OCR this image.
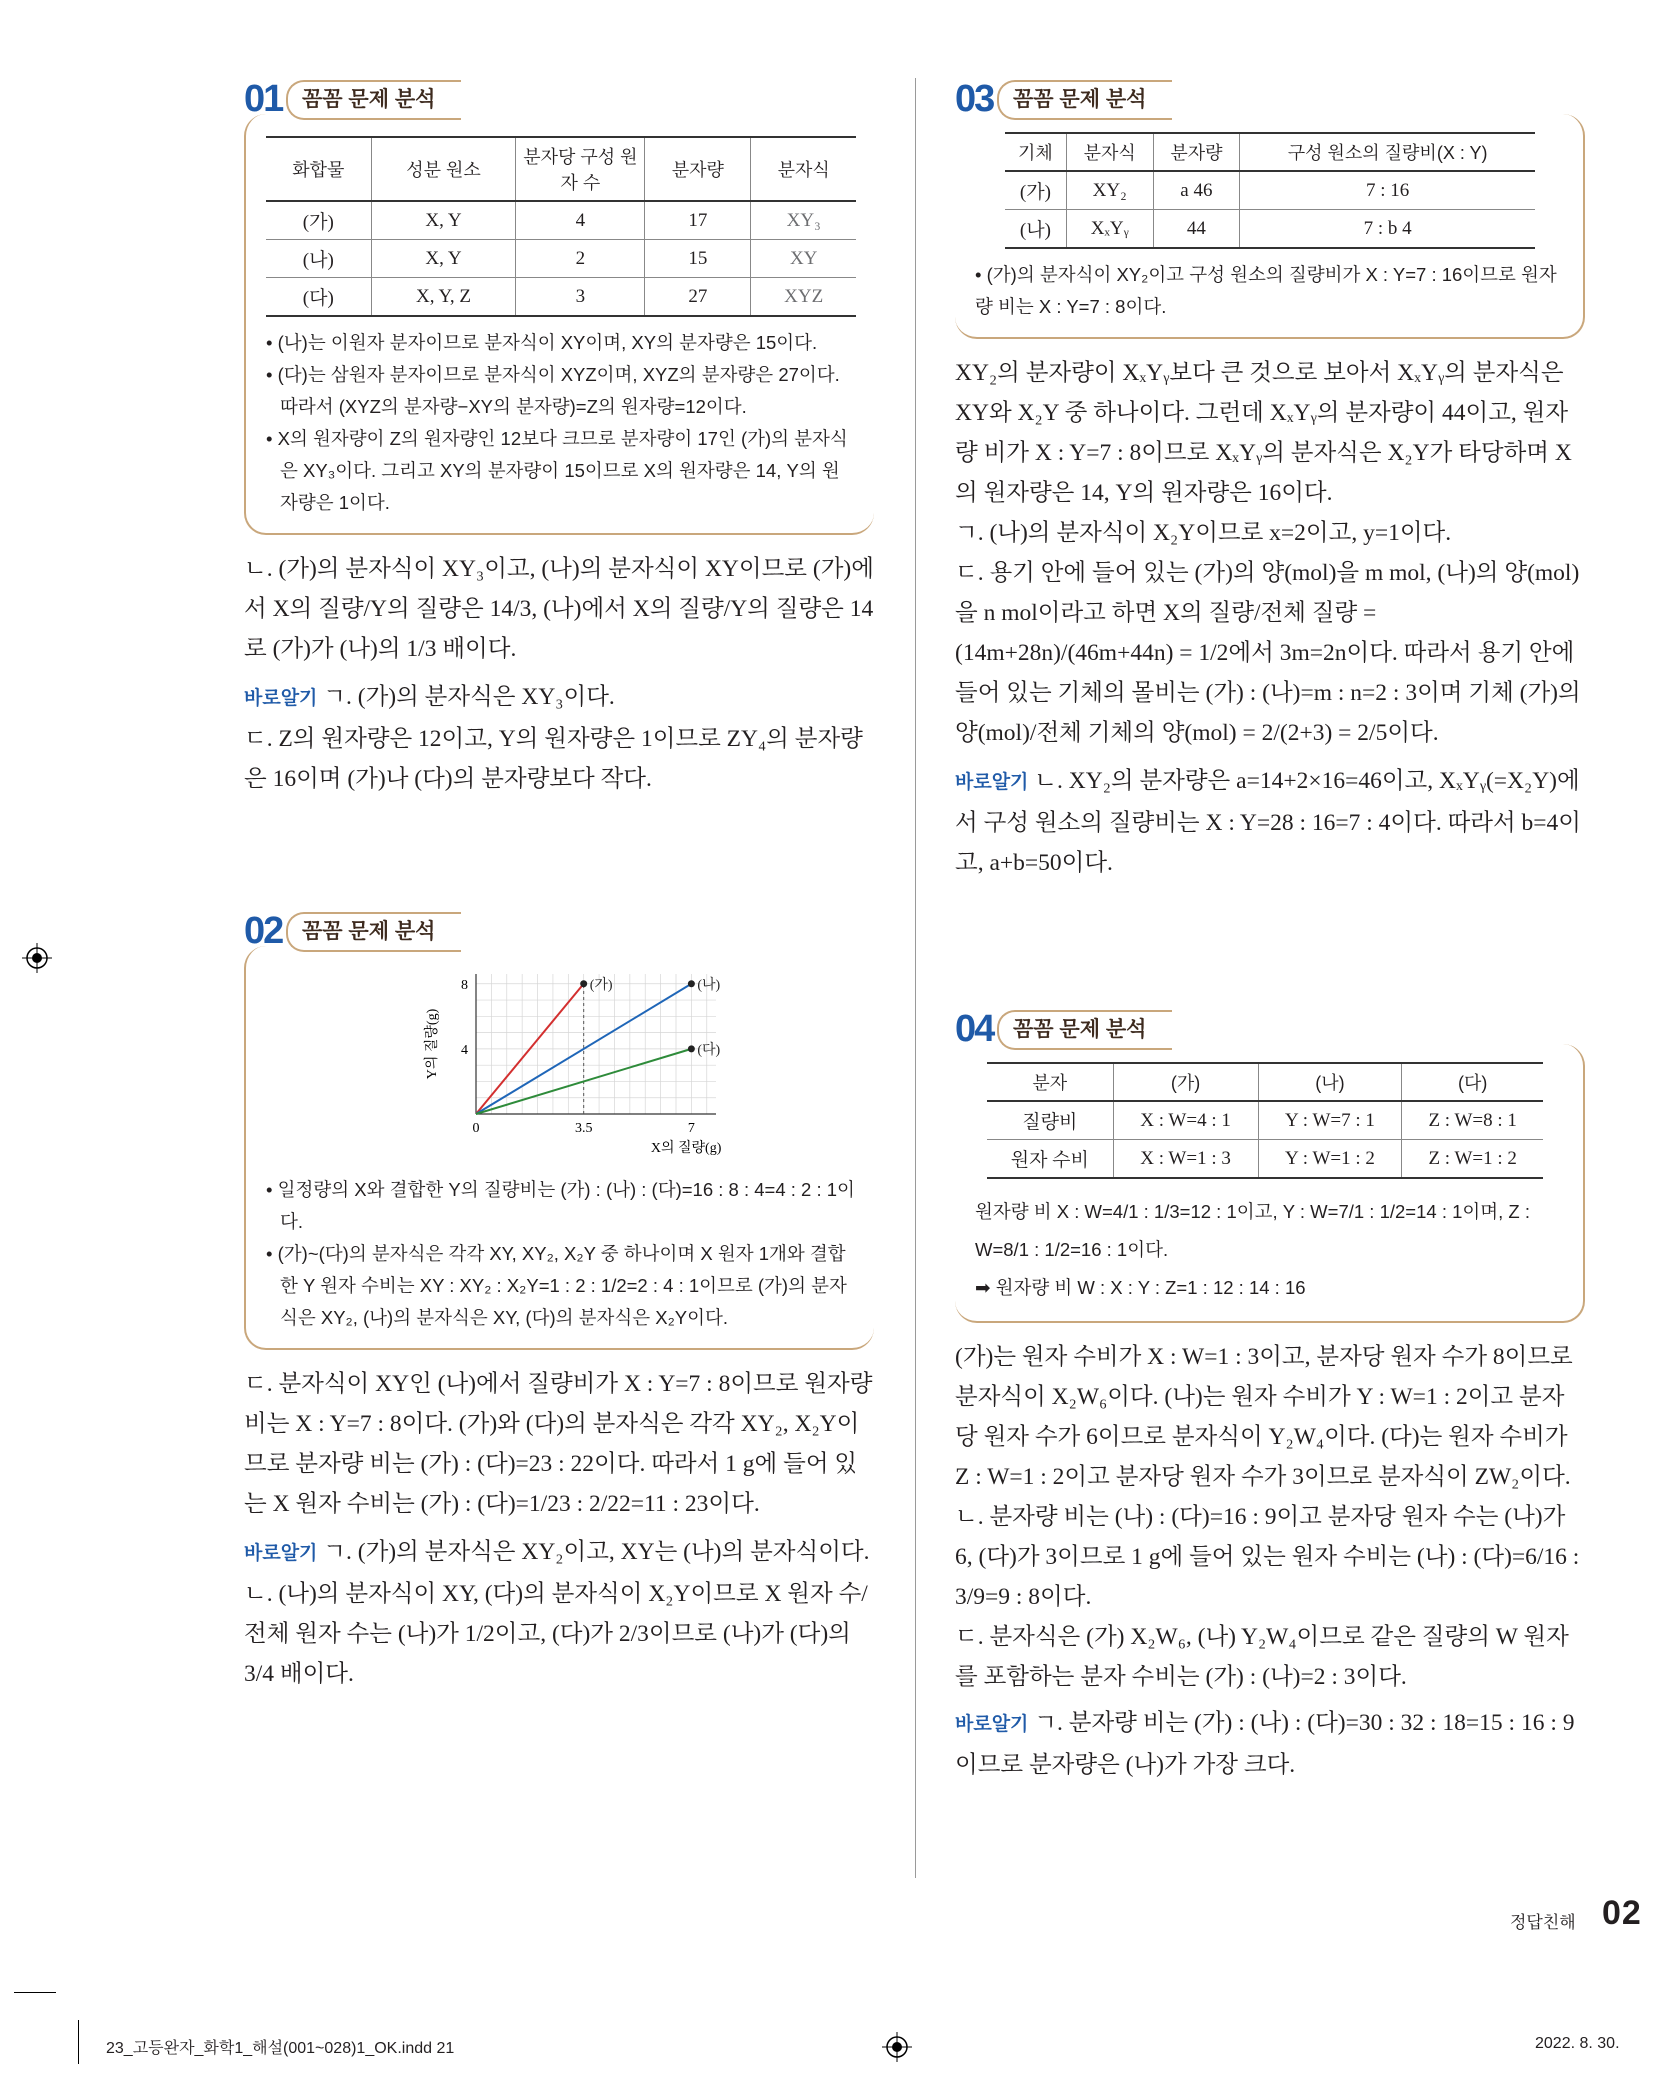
01 꼼꼼 문제 분석
화합물	성분 원소	분자당 구성 원자 수	분자량	분자식
(가)	X, Y	4	17	XY₃
(나)	X, Y	2	15	XY
(다)	X, Y, Z	3	27	XYZ
• (나)는 이원자 분자이므로 분자식이 XY이며, XY의 분자량은 15이다.
• (다)는 삼원자 분자이므로 분자식이 XYZ이며, XYZ의 분자량은 27이다. 따라서 (XYZ의 분자량−XY의 분자량)=Z의 원자량=12이다.
• X의 원자량이 Z의 원자량인 12보다 크므로 분자량이 17인 (가)의 분자식은 XY₃이다. 그리고 XY의 분자량이 15이므로 X의 원자량은 14, Y의 원자량은 1이다.

ㄴ. (가)의 분자식이 XY₃이고, (나)의 분자식이 XY이므로 (가)에서 X의 질량/Y의 질량은 14/3, (나)에서 X의 질량/Y의 질량은 14로 (가)가 (나)의 1/3 배이다.

바로알기 ㄱ. (가)의 분자식은 XY₃이다.

ㄷ. Z의 원자량은 12이고, Y의 원자량은 1이므로 ZY₄의 분자량은 16이며 (가)나 (다)의 분자량보다 작다.

02 꼼꼼 문제 분석
(가)	(나)
(다)
0	3.5	7
4
8
X의 질량(g)
Y의 질량(g)
• 일정량의 X와 결합한 Y의 질량비는 (가) : (나) : (다)=16 : 8 : 4=4 : 2 : 1이다.
• (가)~(다)의 분자식은 각각 XY, XY₂, X₂Y 중 하나이며 X 원자 1개와 결합한 Y 원자 수비는 XY : XY₂ : X₂Y=1 : 2 : 1/2=2 : 4 : 1이므로 (가)의 분자식은 XY₂, (나)의 분자식은 XY, (다)의 분자식은 X₂Y이다.

ㄷ. 분자식이 XY인 (나)에서 질량비가 X : Y=7 : 8이므로 원자량 비는 X : Y=7 : 8이다. (가)와 (다)의 분자식은 각각 XY₂, X₂Y이므로 분자량 비는 (가) : (다)=23 : 22이다. 따라서 1 g에 들어 있는 X 원자 수비는 (가) : (다)=1/23 : 2/22=11 : 23이다.

바로알기 ㄱ. (가)의 분자식은 XY₂이고, XY는 (나)의 분자식이다.

ㄴ. (나)의 분자식이 XY, (다)의 분자식이 X₂Y이므로 X 원자 수/전체 원자 수는 (나)가 1/2이고, (다)가 2/3이므로 (나)가 (다)의 3/4 배이다.

03 꼼꼼 문제 분석
기체	분자식	분자량	구성 원소의 질량비(X : Y)
(가)	XY₂	a 46	7 : 16
(나)	XₓYᵧ	44	7 : b 4
• (가)의 분자식이 XY₂이고 구성 원소의 질량비가 X : Y=7 : 16이므로 원자량 비는 X : Y=7 : 8이다.

XY₂의 분자량이 XₓYᵧ보다 큰 것으로 보아서 XₓYᵧ의 분자식은 XY와 X₂Y 중 하나이다. 그런데 XₓYᵧ의 분자량이 44이고, 원자량 비가 X : Y=7 : 8이므로 XₓYᵧ의 분자식은 X₂Y가 타당하며 X의 원자량은 14, Y의 원자량은 16이다.

ㄱ. (나)의 분자식이 X₂Y이므로 x=2이고, y=1이다.

ㄷ. 용기 안에 들어 있는 (가)의 양(mol)을 m mol, (나)의 양(mol)을 n mol이라고 하면 X의 질량/전체 질량 = (14m+28n)/(46m+44n) = 1/2에서 3m=2n이다. 따라서 용기 안에 들어 있는 기체의 몰비는 (가) : (나)=m : n=2 : 3이며 기체 (가)의 양(mol)/전체 기체의 양(mol) = 2/(2+3) = 2/5이다.

바로알기 ㄴ. XY₂의 분자량은 a=14+2×16=46이고, XₓYᵧ(=X₂Y)에서 구성 원소의 질량비는 X : Y=28 : 16=7 : 4이다. 따라서 b=4이고, a+b=50이다.

04 꼼꼼 문제 분석
분자	(가)	(나)	(다)
질량비	X : W=4 : 1	Y : W=7 : 1	Z : W=8 : 1
원자 수비	X : W=1 : 3	Y : W=1 : 2	Z : W=1 : 2
원자량 비 X : W=4/1 : 1/3=12 : 1이고, Y : W=7/1 : 1/2=14 : 1이며, Z : W=8/1 : 1/2=16 : 1이다.
➡ 원자량 비 W : X : Y : Z=1 : 12 : 14 : 16

(가)는 원자 수비가 X : W=1 : 3이고, 분자당 원자 수가 8이므로 분자식이 X₂W₆이다. (나)는 원자 수비가 Y : W=1 : 2이고 분자당 원자 수가 6이므로 분자식이 Y₂W₄이다. (다)는 원자 수비가 Z : W=1 : 2이고 분자당 원자 수가 3이므로 분자식이 ZW₂이다.

ㄴ. 분자량 비는 (나) : (다)=16 : 9이고 분자당 원자 수는 (나)가 6, (다)가 3이므로 1 g에 들어 있는 원자 수비는 (나) : (다)=6/16 : 3/9=9 : 8이다.

ㄷ. 분자식은 (가) X₂W₆, (나) Y₂W₄이므로 같은 질량의 W 원자를 포함하는 분자 수비는 (가) : (나)=2 : 3이다.

바로알기 ㄱ. 분자량 비는 (가) : (나) : (다)=30 : 32 : 18=15 : 16 : 9이므로 분자량은 (나)가 가장 크다.

정답친해 02
23_고등완자_화학1_해설(001~028)1_OK.indd 21	2022. 8. 30.
